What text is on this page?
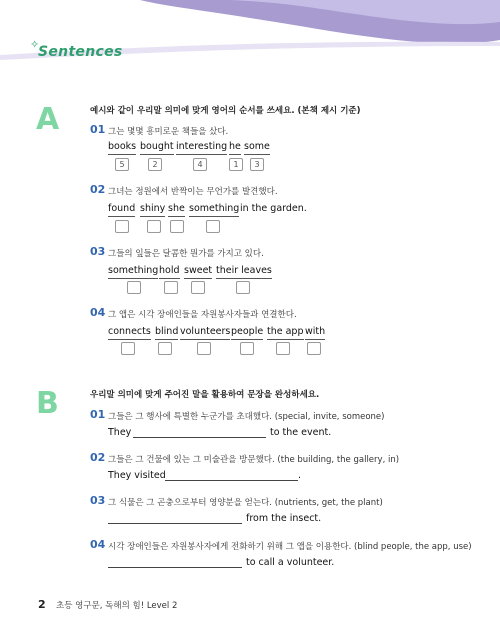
✧
Sentences
A	예시와 같이 우리말 의미에 맞게 영어의 순서를 쓰세요. (본책 제시 기준)
01 그는 몇몇 흥미로운 책들을 샀다.
books bought interesting he some
5	2	4	1	3
02 그녀는 정원에서 반짝이는 무언가를 발견했다.
found shiny she something in the garden.
03 그들의 잎들은 달콤한 뭔가를 가지고 있다.
something hold sweet their leaves
04 그 앱은 시각 장애인들을 자원봉사자들과 연결한다.
connects blind volunteers people the app with
B	우리말 의미에 맞게 주어진 말을 활용하여 문장을 완성하세요.
01 그들은 그 행사에 특별한 누군가를 초대했다. (special, invite, someone)
They	to the event.
02 그들은 그 건물에 있는 그 미술관을 방문했다. (the building, the gallery, in)
They visited	.
03 그 식물은 그 곤충으로부터 영양분을 얻는다. (nutrients, get, the plant)
from the insect.
04 시각 장애인들은 자원봉사자에게 전화하기 위해 그 앱을 이용한다. (blind people, the app, use)
to call a volunteer.
2 초등 영구문, 독해의 힘! Level 2
